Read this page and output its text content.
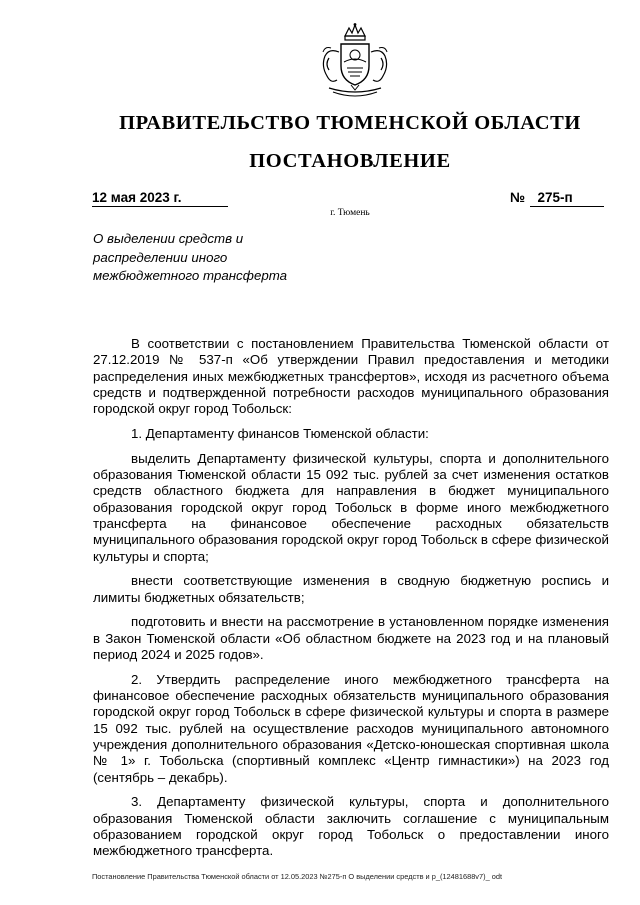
ПРАВИТЕЛЬСТВО ТЮМЕНСКОЙ ОБЛАСТИ
ПОСТАНОВЛЕНИЕ
12 мая 2023 г.	№ 275-п
г. Тюмень
О выделении средств и
распределении иного
межбюджетного трансферта

В соответствии с постановлением Правительства Тюменской области от 27.12.2019 № 537-п «Об утверждении Правил предоставления и методики распределения иных межбюджетных трансфертов», исходя из расчетного объема средств и подтвержденной потребности расходов муниципального образования городской округ город Тобольск:

1. Департаменту финансов Тюменской области:

выделить Департаменту физической культуры, спорта и дополнительного образования Тюменской области 15 092 тыс. рублей за счет изменения остатков средств областного бюджета для направления в бюджет муниципального образования городской округ город Тобольск в форме иного межбюджетного трансферта на финансовое обеспечение расходных обязательств муниципального образования городской округ город Тобольск в сфере физической культуры и спорта;

внести соответствующие изменения в сводную бюджетную роспись и лимиты бюджетных обязательств;

подготовить и внести на рассмотрение в установленном порядке изменения в Закон Тюменской области «Об областном бюджете на 2023 год и на плановый период 2024 и 2025 годов».

2. Утвердить распределение иного межбюджетного трансферта на финансовое обеспечение расходных обязательств муниципального образования городской округ город Тобольск в сфере физической культуры и спорта в размере 15 092 тыс. рублей на осуществление расходов муниципального автономного учреждения дополнительного образования «Детско-юношеская спортивная школа № 1» г. Тобольска (спортивный комплекс «Центр гимнастики») на 2023 год (сентябрь – декабрь).

3. Департаменту физической культуры, спорта и дополнительного образования Тюменской области заключить соглашение с муниципальным образованием городской округ город Тобольск о предоставлении иного межбюджетного трансферта.

Постановление Правительства Тюменской области от 12.05.2023 №275-п О выделении средств и р_(12481688v7)_ odt
